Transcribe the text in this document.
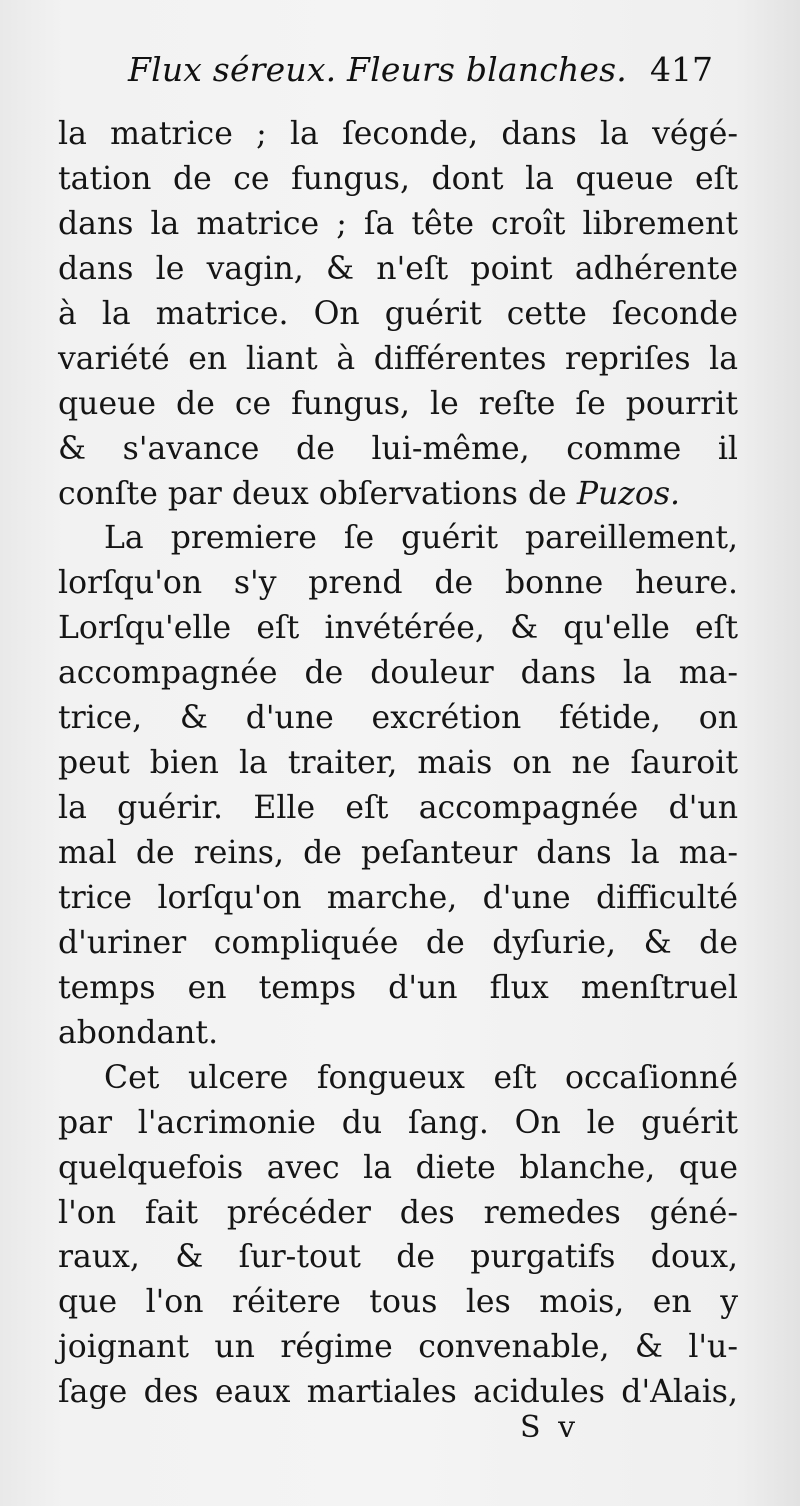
Flux séreux. Fleurs blanches. 417
la matrice ; la ſeconde, dans la végé-
tation de ce fungus, dont la queue eſt
dans la matrice ; ſa tête croît librement
dans le vagin, & n'eſt point adhérente
à la matrice. On guérit cette ſeconde
variété en liant à différentes repriſes la
queue de ce fungus, le reſte ſe pourrit
& s'avance de lui-même, comme il
conſte par deux obſervations de Puzos.
La premiere ſe guérit pareillement,
lorſqu'on s'y prend de bonne heure.
Lorſqu'elle eſt invétérée, & qu'elle eſt
accompagnée de douleur dans la ma-
trice, & d'une excrétion fétide, on
peut bien la traiter, mais on ne ſauroit
la guérir. Elle eſt accompagnée d'un
mal de reins, de peſanteur dans la ma-
trice lorſqu'on marche, d'une difficulté
d'uriner compliquée de dyſurie, & de
temps en temps d'un flux menſtruel
abondant.
Cet ulcere fongueux eſt occaſionné
par l'acrimonie du ſang. On le guérit
quelquefois avec la diete blanche, que
l'on fait précéder des remedes géné-
raux, & ſur-tout de purgatifs doux,
que l'on réitere tous les mois, en y
joignant un régime convenable, & l'u-
ſage des eaux martiales acidules d'Alais,
S v
